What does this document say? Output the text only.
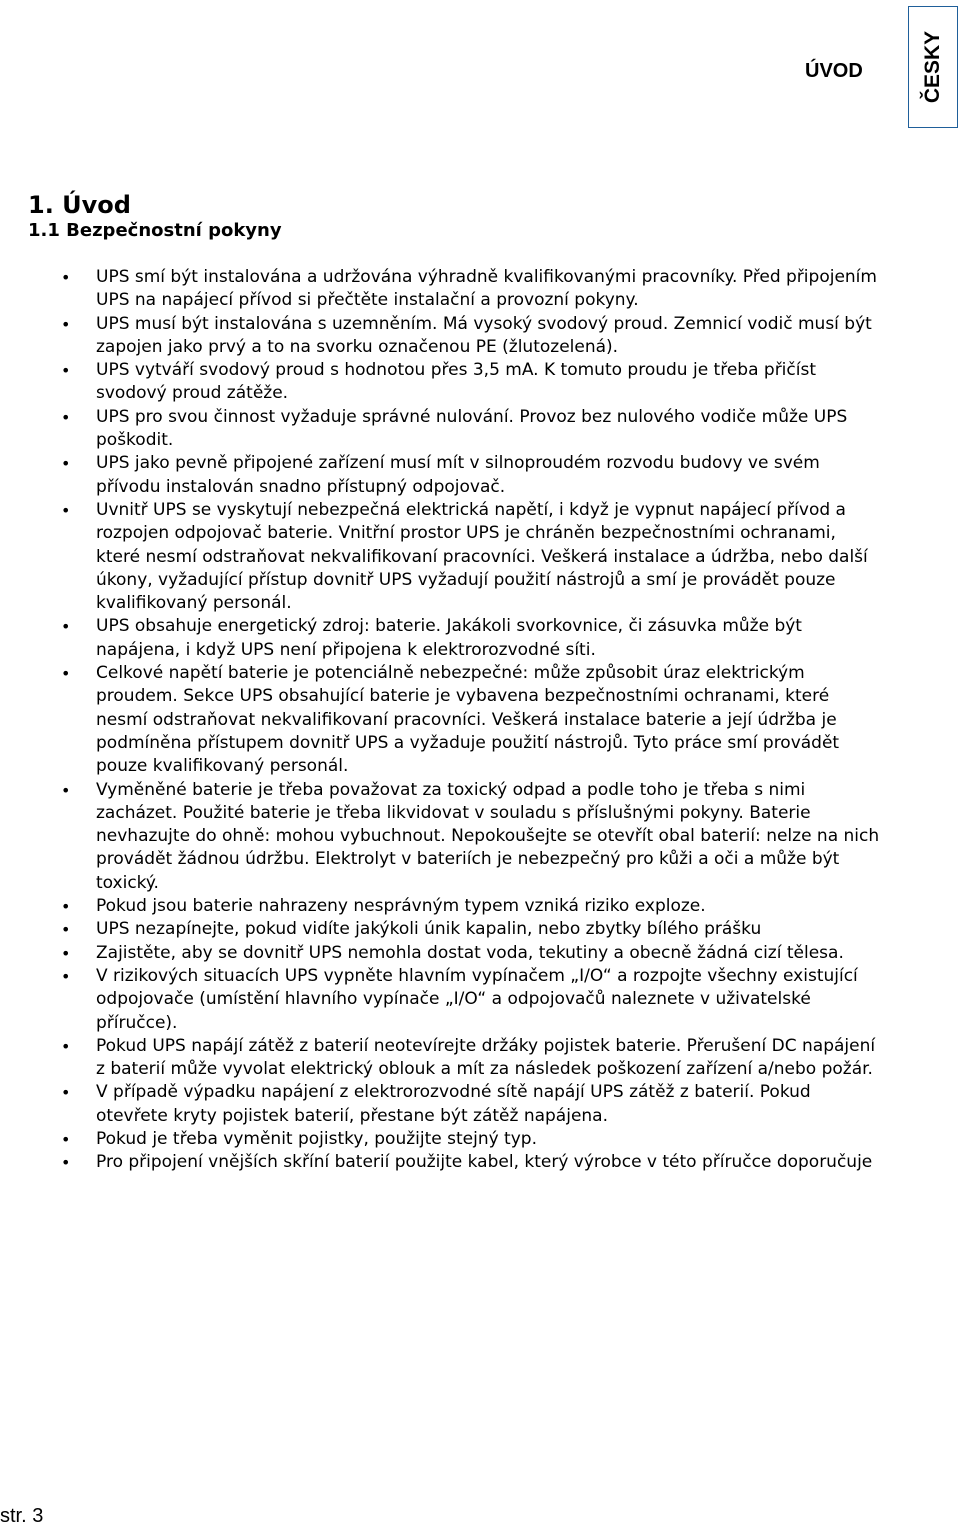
ÚVOD	ČESKY
1. Úvod
1.1 Bezpečnostní pokyny
• UPS smí být instalována a udržována výhradně kvalifikovanými pracovníky. Před připojením UPS na napájecí přívod si přečtěte instalační a provozní pokyny.
• UPS musí být instalována s uzemněním. Má vysoký svodový proud. Zemnicí vodič musí být zapojen jako prvý a to na svorku označenou PE (žlutozelená).
• UPS vytváří svodový proud s hodnotou přes 3,5 mA. K tomuto proudu je třeba přičíst svodový proud zátěže.
• UPS pro svou činnost vyžaduje správné nulování. Provoz bez nulového vodiče může UPS poškodit.
• UPS jako pevně připojené zařízení musí mít v silnoproudém rozvodu budovy ve svém přívodu instalován snadno přístupný odpojovač.
• Uvnitř UPS se vyskytují nebezpečná elektrická napětí, i když je vypnut napájecí přívod a rozpojen odpojovač baterie. Vnitřní prostor UPS je chráněn bezpečnostními ochranami, které nesmí odstraňovat nekvalifikovaní pracovníci. Veškerá instalace a údržba, nebo další úkony, vyžadující přístup dovnitř UPS vyžadují použití nástrojů a smí je provádět pouze kvalifikovaný personál.
• UPS obsahuje energetický zdroj: baterie. Jakákoli svorkovnice, či zásuvka může být napájena, i když UPS není připojena k elektrorozvodné síti.
• Celkové napětí baterie je potenciálně nebezpečné: může způsobit úraz elektrickým proudem. Sekce UPS obsahující baterie je vybavena bezpečnostními ochranami, které nesmí odstraňovat nekvalifikovaní pracovníci. Veškerá instalace baterie a její údržba je podmíněna přístupem dovnitř UPS a vyžaduje použití nástrojů. Tyto práce smí provádět pouze kvalifikovaný personál.
• Vyměněné baterie je třeba považovat za toxický odpad a podle toho je třeba s nimi zacházet. Použité baterie je třeba likvidovat v souladu s příslušnými pokyny. Baterie nevhazujte do ohně: mohou vybuchnout. Nepokoušejte se otevřít obal baterií: nelze na nich provádět žádnou údržbu. Elektrolyt v bateriích je nebezpečný pro kůži a oči a může být toxický.
• Pokud jsou baterie nahrazeny nesprávným typem vzniká riziko exploze.
• UPS nezapínejte, pokud vidíte jakýkoli únik kapalin, nebo zbytky bílého prášku
• Zajistěte, aby se dovnitř UPS nemohla dostat voda, tekutiny a obecně žádná cizí tělesa.
• V rizikových situacích UPS vypněte hlavním vypínačem „I/O“ a rozpojte všechny existující odpojovače (umístění hlavního vypínače „I/O“ a odpojovačů naleznete v uživatelské příručce).
• Pokud UPS napájí zátěž z baterií neotevírejte držáky pojistek baterie. Přerušení DC napájení z baterií může vyvolat elektrický oblouk a mít za následek poškození zařízení a/nebo požár.
• V případě výpadku napájení z elektrorozvodné sítě napájí UPS zátěž z baterií. Pokud otevřete kryty pojistek baterií, přestane být zátěž napájena.
• Pokud je třeba vyměnit pojistky, použijte stejný typ.
• Pro připojení vnějších skříní baterií použijte kabel, který výrobce v této příručce doporučuje
str. 3
